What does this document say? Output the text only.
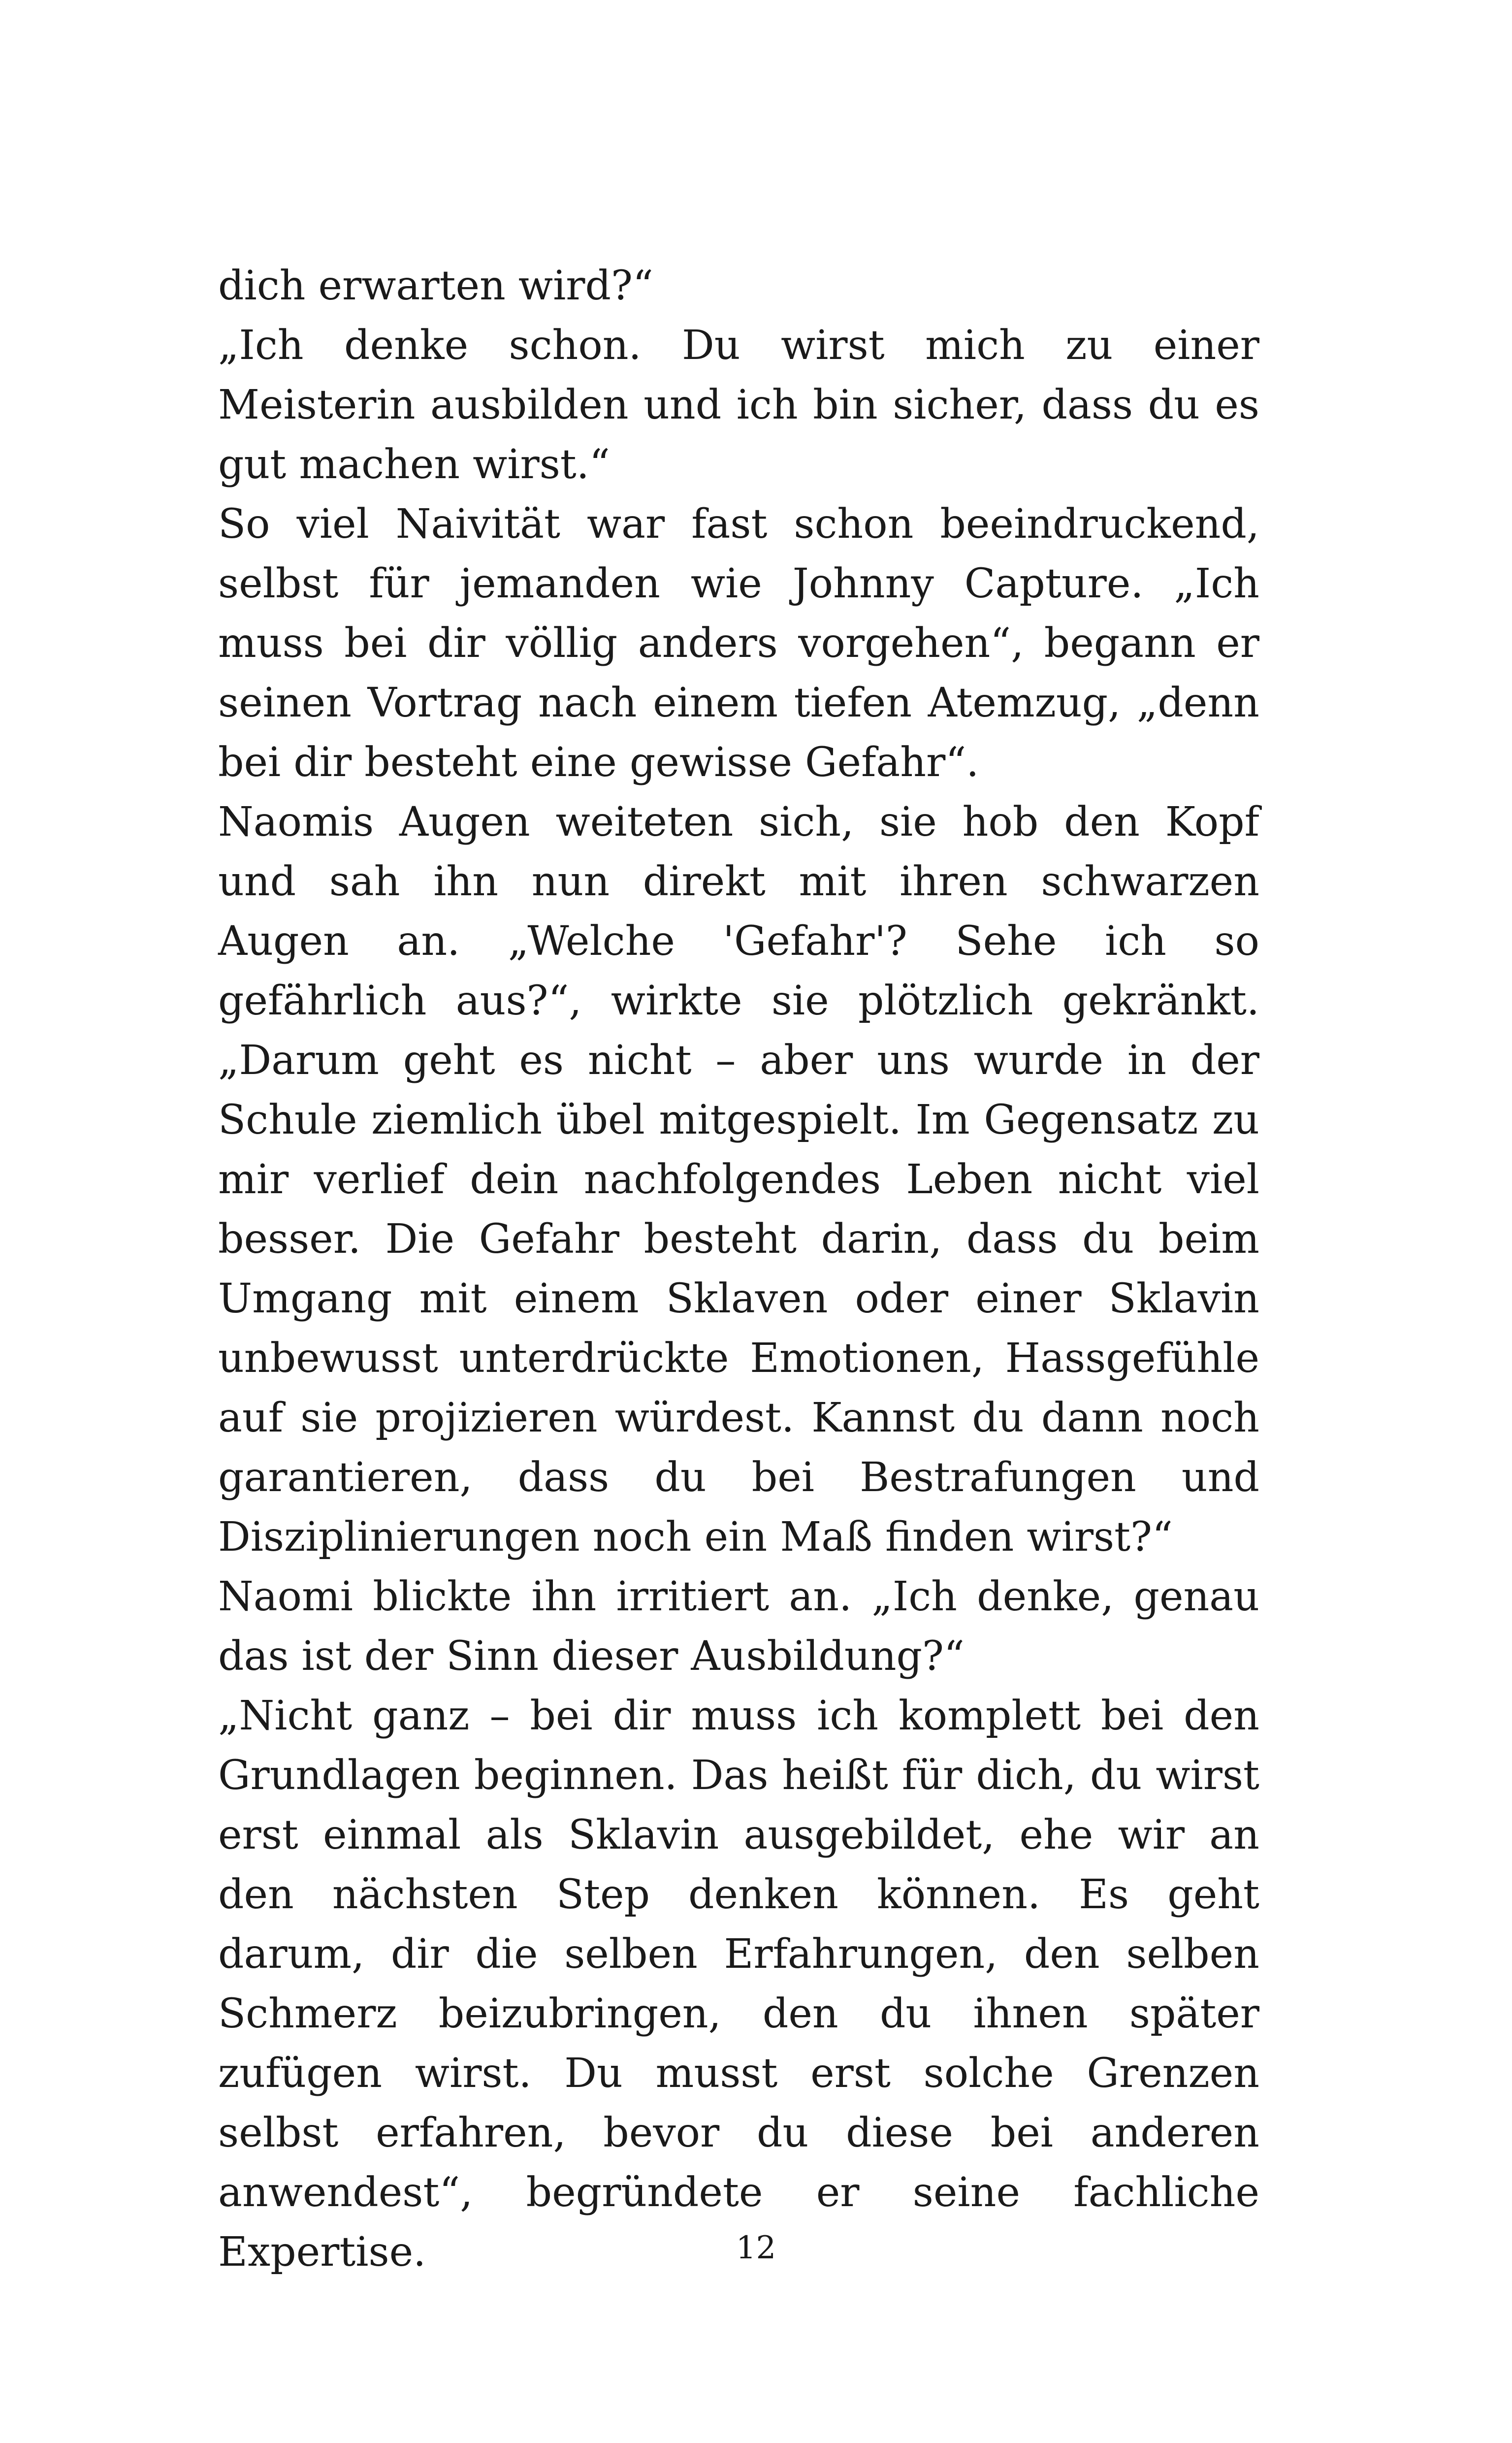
dich erwarten wird?“

„Ich denke schon. Du wirst mich zu einer Meisterin ausbilden und ich bin sicher, dass du es gut machen wirst.“

So viel Naivität war fast schon beeindruckend, selbst für jemanden wie Johnny Capture. „Ich muss bei dir völlig anders vorgehen“, begann er seinen Vortrag nach einem tiefen Atemzug, „denn bei dir besteht eine gewisse Gefahr“.

Naomis Augen weiteten sich, sie hob den Kopf und sah ihn nun direkt mit ihren schwarzen Augen an. „Welche 'Gefahr'? Sehe ich so gefährlich aus?“, wirkte sie plötzlich gekränkt. „Darum geht es nicht – aber uns wurde in der Schule ziemlich übel mitgespielt. Im Gegensatz zu mir verlief dein nachfolgendes Leben nicht viel besser. Die Gefahr besteht darin, dass du beim Umgang mit einem Sklaven oder einer Sklavin unbewusst unterdrückte Emotionen, Hassgefühle auf sie projizieren würdest. Kannst du dann noch garantieren, dass du bei Bestrafungen und Disziplinierungen noch ein Maß finden wirst?“

Naomi blickte ihn irritiert an. „Ich denke, genau das ist der Sinn dieser Ausbildung?“

„Nicht ganz – bei dir muss ich komplett bei den Grundlagen beginnen. Das heißt für dich, du wirst erst einmal als Sklavin ausgebildet, ehe wir an den nächsten Step denken können. Es geht darum, dir die selben Erfahrungen, den selben Schmerz beizubringen, den du ihnen später zufügen wirst. Du musst erst solche Grenzen selbst erfahren, bevor du diese bei anderen anwendest“, begründete er seine fachliche Expertise.	12
